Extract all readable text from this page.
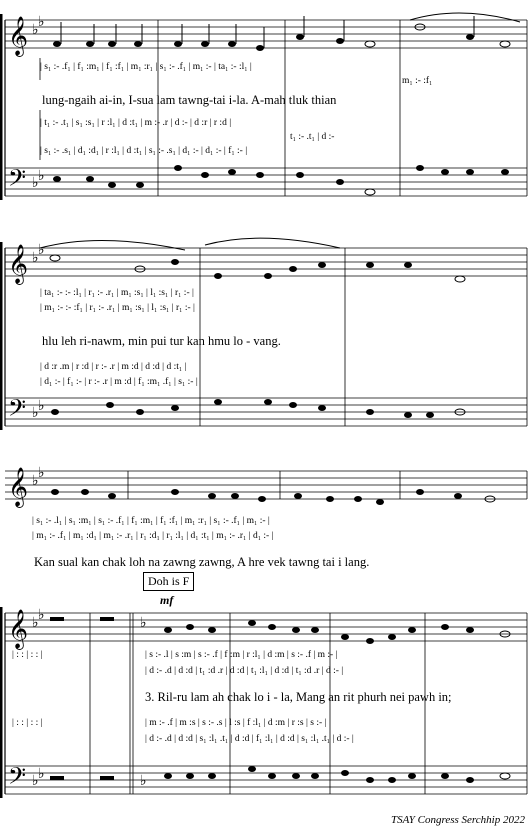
𝄞
𝄢
♭
♭
♭ ♭
𝄞
𝄢
♭
♭
♭ ♭
𝄞 ♭
♭
𝄞
𝄢
♭
♭
♭ ♭
♭
♭
| s₁ :- .f₁ | f₁ :m₁ | f₁ :f₁ | m₁ :r₁ | s₁ :- .f₁ | m₁ :- | ta₁ :- :l₁ |
m₁ :- :f₁
lung-ngaih ai-in, I-sua lam tawng-tai i-la. A-mah tluk thian
| t₁ :- .t₁ | s₁ :s₁ | r :l₁ | d :t₁ | m :- .r | d :- | d :r | r :d |
t₁ :- .t₁ | d :-
| s₁ :- .s₁ | d₁ :d₁ | r :l₁ | d :t₁ | s₁ :- .s₁ | d₁ :- | d₁ :- | f₁ :- |
| ta₁ :- :- :l₁ | r₁ :- .r₁ | m₁ :s₁ | l₁ :s₁ | r₁ :- |
| m₁ :- :- :f₁ | r₁ :- .r₁ | m₁ :s₁ | l₁ :s₁ | r₁ :- |
hlu leh ri-nawm, min pui tur kan hmu lo - vang.
| d :r .m | r :d | r :- .r | m :d | d :d | d :t₁ |
| d₁ :- | f₁ :- | r :- .r | m :d | f₁ :m₁ .f₁ | s₁ :- |
| s₁ :- .l₁ | s₁ :m₁ | s₁ :- .f₁ | f₁ :m₁ | f₁ :f₁ | m₁ :r₁ | s₁ :- .f₁ | m₁ :- |
| m₁ :- .f₁ | m₁ :d₁ | m₁ :- .r₁ | r₁ :d₁ | r₁ :l₁ | d₁ :t₁ | m₁ :- .r₁ | d₁ :- |
Kan sual kan chak loh na zawng zawng, A hre vek tawng tai i lang.
Doh is F
mf
| : : | : : |	| s :- .l | s :m | s :- .f | f :m | r :l₁ | d :m | s :- .f | m :- |
| d :- .d | d :d | t₁ :d .r | d :d | t₁ :l₁ | d :d | t₁ :d .r | d :- |
3. Ril-ru lam ah chak lo i - la, Mang an rit phurh nei pawh in;
| : : | : : |	| m :- .f | m :s | s :- .s | l :s | f :l₁ | d :m | r :s | s :- |
| d :- .d | d :d | s₁ :l₁ .t₁ | d :d | f₁ :l₁ | d :d | s₁ :l₁ .t₁ | d :- |
TSAY Congress Serchhip 2022
